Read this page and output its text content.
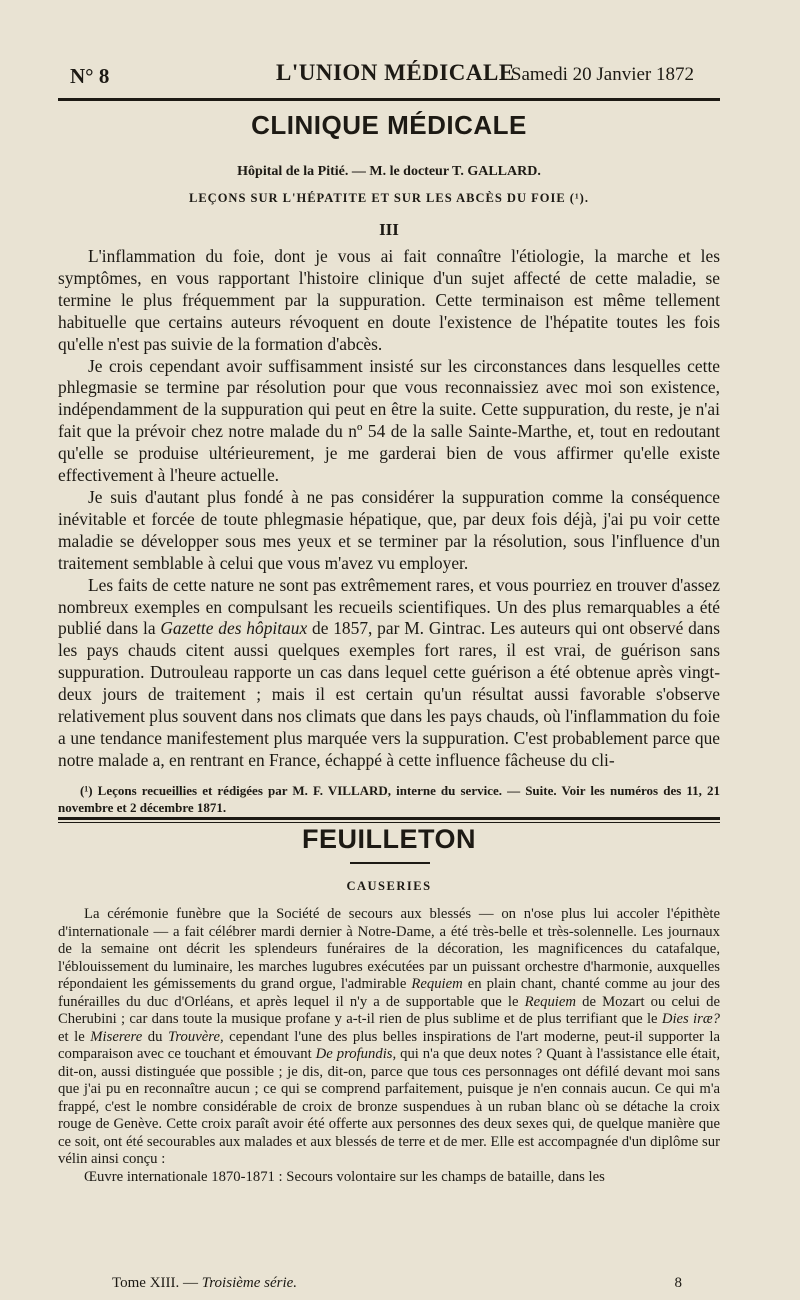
N° 8	L'UNION MÉDICALE
Samedi 20 Janvier 1872
CLINIQUE MÉDICALE
Hôpital de la Pitié. — M. le docteur T. GALLARD.
LEÇONS SUR L'HÉPATITE ET SUR LES ABCÈS DU FOIE (¹).
III

L'inflammation du foie, dont je vous ai fait connaître l'étiologie, la marche et les symptômes, en vous rapportant l'histoire clinique d'un sujet affecté de cette maladie, se termine le plus fréquemment par la suppuration. Cette terminaison est même tellement habituelle que certains auteurs révoquent en doute l'existence de l'hépatite toutes les fois qu'elle n'est pas suivie de la formation d'abcès.

Je crois cependant avoir suffisamment insisté sur les circonstances dans lesquelles cette phlegmasie se termine par résolution pour que vous reconnaissiez avec moi son existence, indépendamment de la suppuration qui peut en être la suite. Cette suppuration, du reste, je n'ai fait que la prévoir chez notre malade du nº 54 de la salle Sainte-Marthe, et, tout en redoutant qu'elle se produise ultérieurement, je me garderai bien de vous affirmer qu'elle existe effectivement à l'heure actuelle.

Je suis d'autant plus fondé à ne pas considérer la suppuration comme la conséquence inévitable et forcée de toute phlegmasie hépatique, que, par deux fois déjà, j'ai pu voir cette maladie se développer sous mes yeux et se terminer par la résolution, sous l'influence d'un traitement semblable à celui que vous m'avez vu employer.

Les faits de cette nature ne sont pas extrêmement rares, et vous pourriez en trouver d'assez nombreux exemples en compulsant les recueils scientifiques. Un des plus remarquables a été publié dans la Gazette des hôpitaux de 1857, par M. Gintrac. Les auteurs qui ont observé dans les pays chauds citent aussi quelques exemples fort rares, il est vrai, de guérison sans suppuration. Dutrouleau rapporte un cas dans lequel cette guérison a été obtenue après vingt-deux jours de traitement ; mais il est certain qu'un résultat aussi favorable s'observe relativement plus souvent dans nos climats que dans les pays chauds, où l'inflammation du foie a une tendance manifestement plus marquée vers la suppuration. C'est probablement parce que notre malade a, en rentrant en France, échappé à cette influence fâcheuse du cli-

(¹) Leçons recueillies et rédigées par M. F. VILLARD, interne du service. — Suite. Voir les numéros des 11, 21 novembre et 2 décembre 1871.

FEUILLETON
CAUSERIES

La cérémonie funèbre que la Société de secours aux blessés — on n'ose plus lui accoler l'épithète d'internationale — a fait célébrer mardi dernier à Notre-Dame, a été très-belle et très-solennelle. Les journaux de la semaine ont décrit les splendeurs funéraires de la décoration, les magnificences du catafalque, l'éblouissement du luminaire, les marches lugubres exécutées par un puissant orchestre d'harmonie, auxquelles répondaient les gémissements du grand orgue, l'admirable Requiem en plain chant, chanté comme au jour des funérailles du duc d'Orléans, et après lequel il n'y a de supportable que le Requiem de Mozart ou celui de Cherubini ; car dans toute la musique profane y a-t-il rien de plus sublime et de plus terrifiant que le Dies iræ? et le Miserere du Trouvère, cependant l'une des plus belles inspirations de l'art moderne, peut-il supporter la comparaison avec ce touchant et émouvant De profundis, qui n'a que deux notes ? Quant à l'assistance elle était, dit-on, aussi distinguée que possible ; je dis, dit-on, parce que tous ces personnages ont défilé devant moi sans que j'ai pu en reconnaître aucun ; ce qui se comprend parfaitement, puisque je n'en connais aucun. Ce qui m'a frappé, c'est le nombre considérable de croix de bronze suspendues à un ruban blanc où se détache la croix rouge de Genève. Cette croix paraît avoir été offerte aux personnes des deux sexes qui, de quelque manière que ce soit, ont été secourables aux malades et aux blessés de terre et de mer. Elle est accompagnée d'un diplôme sur vélin ainsi conçu :

Œuvre internationale 1870-1871 : Secours volontaire sur les champs de bataille, dans les

Tome XIII. — Troisième série.	8
